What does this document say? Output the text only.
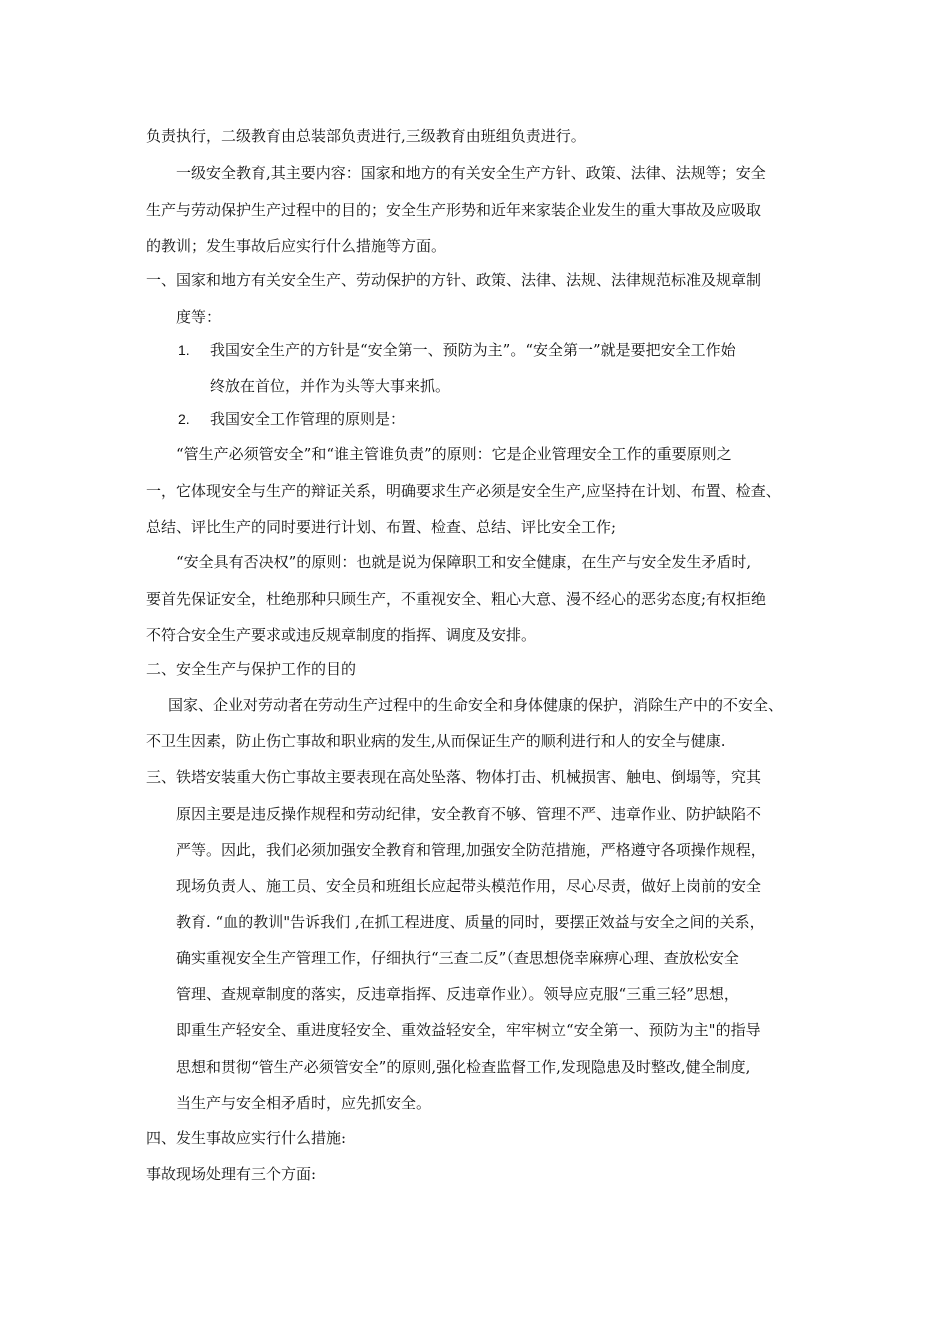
负责执行，二级教育由总装部负责进行,三级教育由班组负责进行。
一级安全教育,其主要内容：国家和地方的有关安全生产方针、政策、法律、法规等；安全
生产与劳动保护生产过程中的目的；安全生产形势和近年来家装企业发生的重大事故及应吸取
的教训；发生事故后应实行什么措施等方面。
一、国家和地方有关安全生产、劳动保护的方针、政策、法律、法规、法律规范标准及规章制
度等：
1. 我国安全生产的方针是“安全第一、预防为主”。“安全第一”就是要把安全工作始
终放在首位，并作为头等大事来抓。
2. 我国安全工作管理的原则是：
“管生产必须管安全”和“谁主管谁负责”的原则：它是企业管理安全工作的重要原则之
一，它体现安全与生产的辩证关系，明确要求生产必须是安全生产,应坚持在计划、布置、检查、
总结、评比生产的同时要进行计划、布置、检查、总结、评比安全工作;
“安全具有否决权”的原则：也就是说为保障职工和安全健康，在生产与安全发生矛盾时,
要首先保证安全，杜绝那种只顾生产，不重视安全、粗心大意、漫不经心的恶劣态度;有权拒绝
不符合安全生产要求或违反规章制度的指挥、调度及安排。
二、安全生产与保护工作的目的
国家、企业对劳动者在劳动生产过程中的生命安全和身体健康的保护，消除生产中的不安全、
不卫生因素，防止伤亡事故和职业病的发生,从而保证生产的顺利进行和人的安全与健康.
三、铁塔安装重大伤亡事故主要表现在高处坠落、物体打击、机械损害、触电、倒塌等，究其
原因主要是违反操作规程和劳动纪律，安全教育不够、管理不严、违章作业、防护缺陷不
严等。因此，我们必须加强安全教育和管理,加强安全防范措施，严格遵守各项操作规程，
现场负责人、施工员、安全员和班组长应起带头模范作用，尽心尽责，做好上岗前的安全
教育. “血的教训"告诉我们 ,在抓工程进度、质量的同时，要摆正效益与安全之间的关系，
确实重视安全生产管理工作，仔细执行“三查二反”（查思想侥幸麻痹心理、查放松安全
管理、查规章制度的落实，反违章指挥、反违章作业）。领导应克服“三重三轻”思想，
即重生产轻安全、重进度轻安全、重效益轻安全，牢牢树立“安全第一、预防为主"的指导
思想和贯彻“管生产必须管安全”的原则,强化检查监督工作,发现隐患及时整改,健全制度,
当生产与安全相矛盾时，应先抓安全。
四、发生事故应实行什么措施:
事故现场处理有三个方面:
